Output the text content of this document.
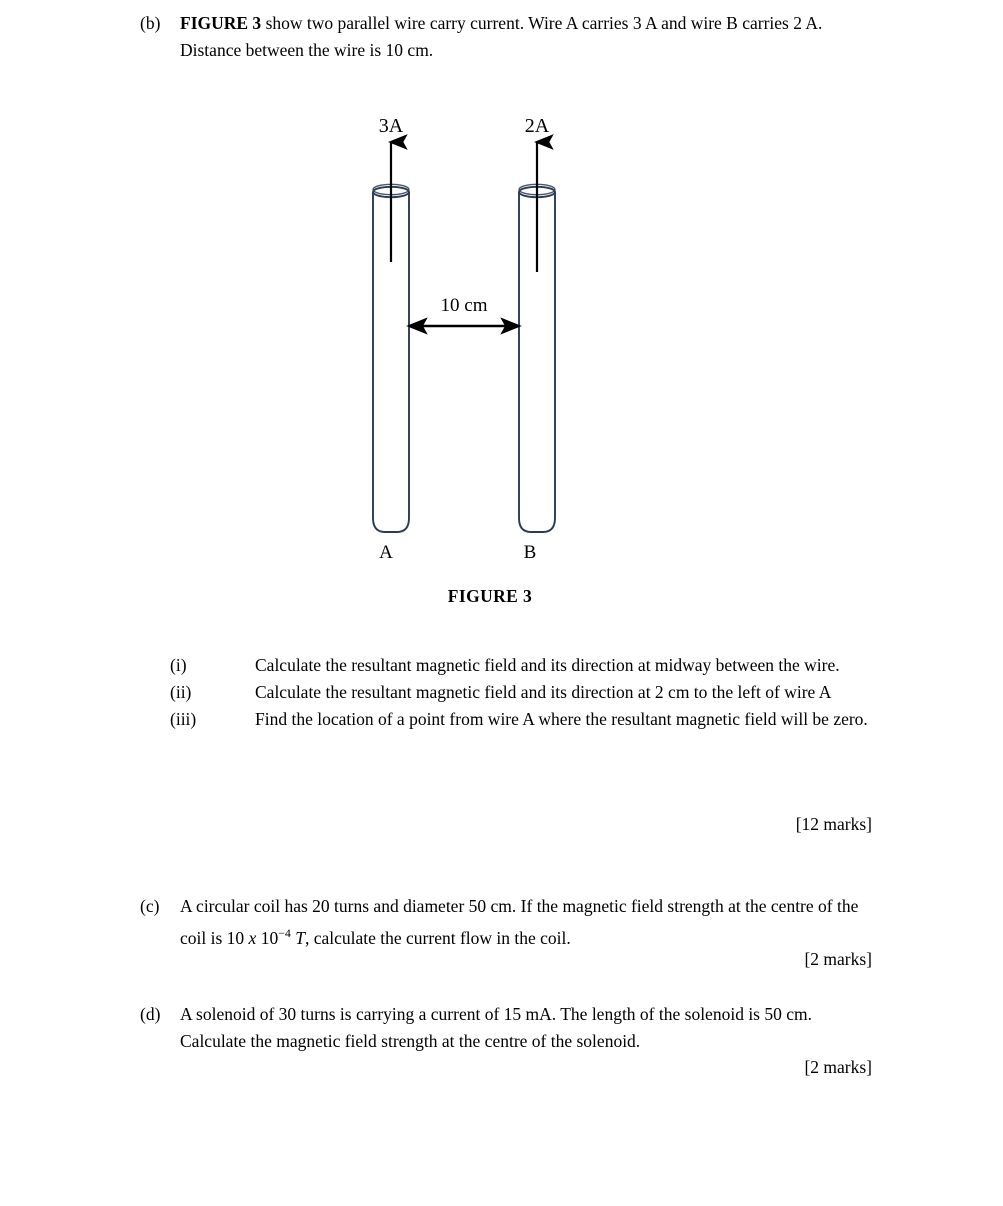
(b)	FIGURE 3 show two parallel wire carry current. Wire A carries 3 A and wire B carries 2 A. Distance between the wire is 10 cm.
3A	2A
10 cm
A	B
FIGURE 3
(i)	Calculate the resultant magnetic field and its direction at midway between the wire.
(ii)	Calculate the resultant magnetic field and its direction at 2 cm to the left of wire A
(iii)	Find the location of a point from wire A where the resultant magnetic field will be zero.
[12 marks]
(c)	A circular coil has 20 turns and diameter 50 cm. If the magnetic field strength at the centre of the coil is 10 x $10^{-4}$ T, calculate the current flow in the coil.
[2 marks]
(d)	A solenoid of 30 turns is carrying a current of 15 mA. The length of the solenoid is 50 cm. Calculate the magnetic field strength at the centre of the solenoid.
[2 marks]
